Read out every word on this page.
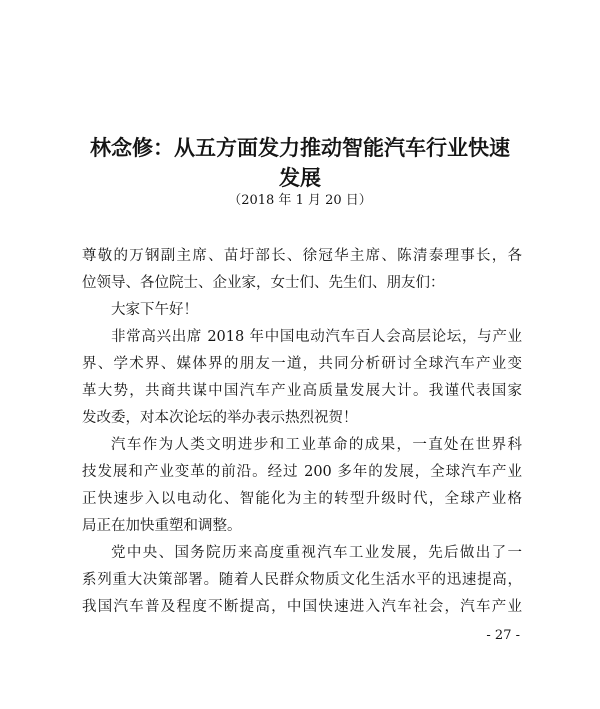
林念修：从五方面发力推动智能汽车行业快速
发展
（2018 年 1 月 20 日）
尊敬的万钢副主席、苗圩部长、徐冠华主席、陈清泰理事长，各
位领导、各位院士、企业家，女士们、先生们、朋友们：
大家下午好！
非常高兴出席 2018 年中国电动汽车百人会高层论坛，与产业
界、学术界、媒体界的朋友一道，共同分析研讨全球汽车产业变
革大势，共商共谋中国汽车产业高质量发展大计。我谨代表国家
发改委，对本次论坛的举办表示热烈祝贺！
汽车作为人类文明进步和工业革命的成果，一直处在世界科
技发展和产业变革的前沿。经过 200 多年的发展，全球汽车产业
正快速步入以电动化、智能化为主的转型升级时代，全球产业格
局正在加快重塑和调整。
党中央、国务院历来高度重视汽车工业发展，先后做出了一
系列重大决策部署。随着人民群众物质文化生活水平的迅速提高，
我国汽车普及程度不断提高，中国快速进入汽车社会，汽车产业
- 27 -
